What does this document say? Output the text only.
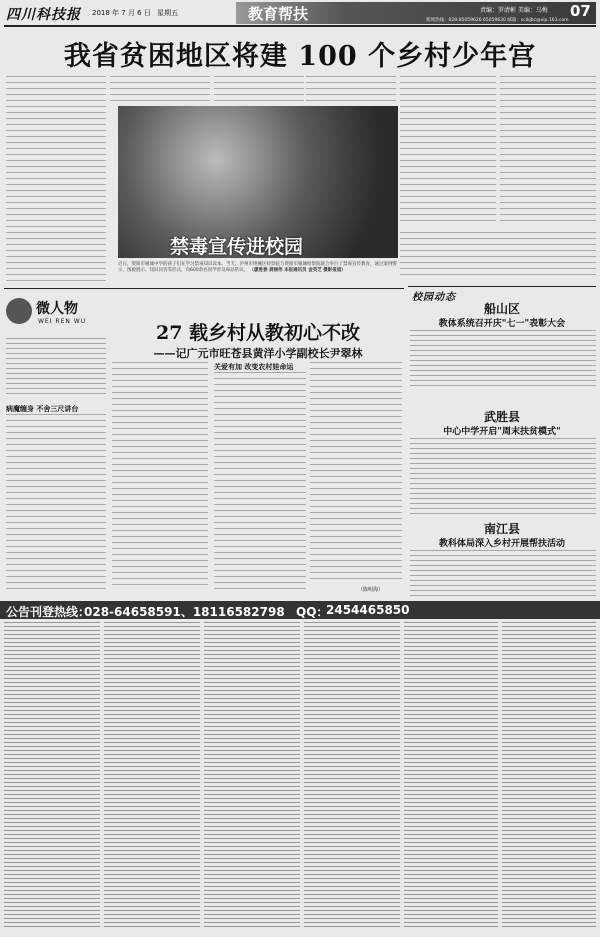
四川科技报 2018 年 7 月 6 日 星期五	教育帮扶	责编：罗清彬 美编：乌梅 07
新闻热线：028-85059626 65059630 邮箱：scikjbc@vip.163.com
我省贫困地区将建 100 个乡村少年宫
禁毒宣传进校园
近日，资阳市雁城中学的孩子们在学习禁毒知识读本。当天，泸州市纳溪区检察院与资阳市雁城检察院联合举行了禁毒宣传教育，通过案例警示、图板展示、知识问答等形式，向600余名同学普及毒品常识。 （廖胜春 龚丽伟 本报通讯员 金英芝 摄影报道）
校园动态
船山区
教体系统召开庆"七一"表彰大会
武胜县
中心中学开启"周末扶贫模式"
南江县
教科体局深入乡村开展帮扶活动
微人物
WEI REN WU
27 载乡村从教初心不改
——记广元市旺苍县黄洋小学副校长尹翠林
病魔缠身 不舍三尺讲台
关爱有加 改变农村娃命运
（陈明海）
公告刊登热线：
028-64658591、18116582798 QQ：
2454465850
